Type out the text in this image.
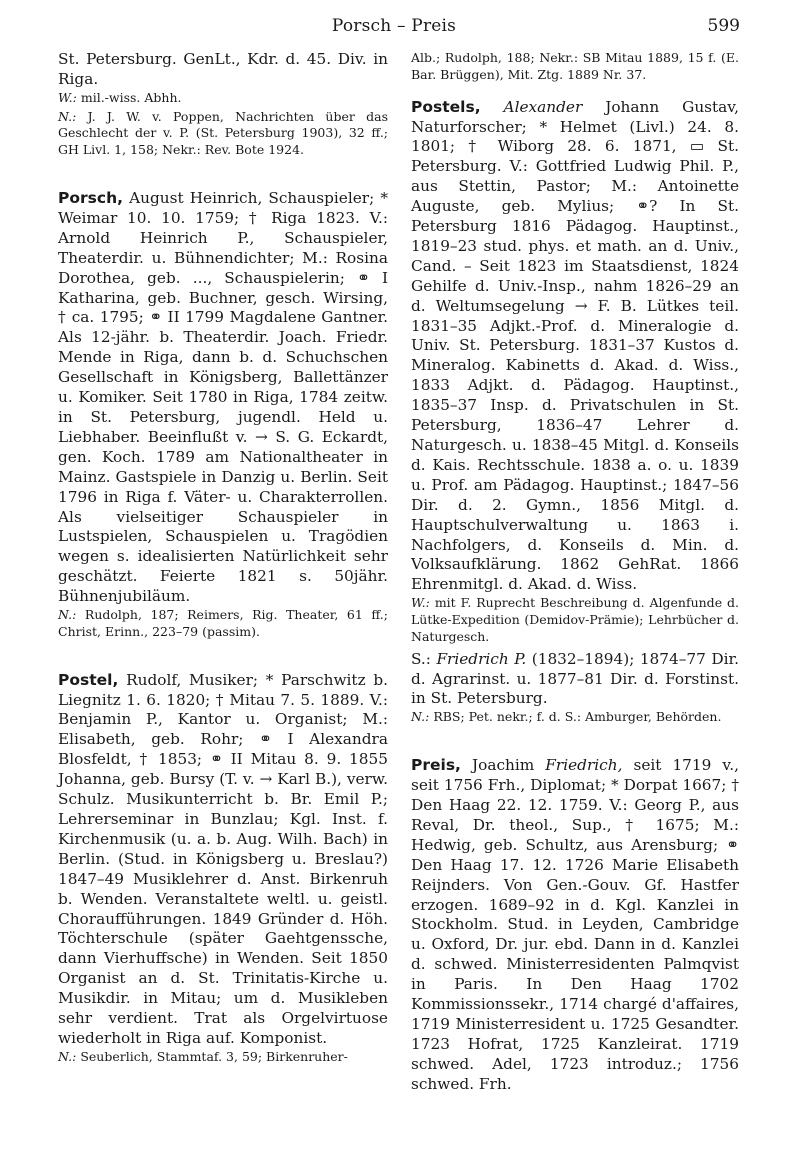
Porsch – Preis	599

St. Petersburg. GenLt., Kdr. d. 45. Div. in Riga.

W.: mil.-wiss. Abhh.

N.: J. J. W. v. Poppen, Nachrichten über das Geschlecht der v. P. (St. Petersburg 1903), 32 ff.; GH Livl. 1, 158; Nekr.: Rev. Bote 1924.

Porsch, August Heinrich, Schauspieler; * Weimar 10. 10. 1759; † Riga 1823. V.: Arnold Heinrich P., Schauspieler, Theaterdir. u. Bühnendichter; M.: Rosina Dorothea, geb. ..., Schauspielerin; ⚭ I Katharina, geb. Buchner, gesch. Wirsing, † ca. 1795; ⚭ II 1799 Magdalene Gantner. Als 12-jähr. b. Theaterdir. Joach. Friedr. Mende in Riga, dann b. d. Schuchschen Gesellschaft in Königsberg, Ballettänzer u. Komiker. Seit 1780 in Riga, 1784 zeitw. in St. Petersburg, jugendl. Held u. Liebhaber. Beeinflußt v. → S. G. Eckardt, gen. Koch. 1789 am Nationaltheater in Mainz. Gastspiele in Danzig u. Berlin. Seit 1796 in Riga f. Väter- u. Charakterrollen. Als vielseitiger Schauspieler in Lustspielen, Schauspielen u. Tragödien wegen s. idealisierten Natürlichkeit sehr geschätzt. Feierte 1821 s. 50jähr. Bühnenjubiläum.

N.: Rudolph, 187; Reimers, Rig. Theater, 61 ff.; Christ, Erinn., 223–79 (passim).

Postel, Rudolf, Musiker; * Parschwitz b. Liegnitz 1. 6. 1820; † Mitau 7. 5. 1889. V.: Benjamin P., Kantor u. Organist; M.: Elisabeth, geb. Rohr; ⚭ I Alexandra Blosfeldt, † 1853; ⚭ II Mitau 8. 9. 1855 Johanna, geb. Bursy (T. v. → Karl B.), verw. Schulz. Musikunterricht b. Br. Emil P.; Lehrerseminar in Bunzlau; Kgl. Inst. f. Kirchenmusik (u. a. b. Aug. Wilh. Bach) in Berlin. (Stud. in Königsberg u. Breslau?) 1847–49 Musiklehrer d. Anst. Birkenruh b. Wenden. Veranstaltete weltl. u. geistl. Choraufführungen. 1849 Gründer d. Höh. Töchterschule (später Gaehtgenssche, dann Vierhuffsche) in Wenden. Seit 1850 Organist an d. St. Trinitatis-Kirche u. Musikdir. in Mitau; um d. Musikleben sehr verdient. Trat als Orgelvirtuose wiederholt in Riga auf. Komponist.

N.: Seuberlich, Stammtaf. 3, 59; Birkenruher-

Alb.; Rudolph, 188; Nekr.: SB Mitau 1889, 15 f. (E. Bar. Brüggen), Mit. Ztg. 1889 Nr. 37.

Postels, Alexander Johann Gustav, Naturforscher; * Helmet (Livl.) 24. 8. 1801; † Wiborg 28. 6. 1871, ▭ St. Petersburg. V.: Gottfried Ludwig Phil. P., aus Stettin, Pastor; M.: Antoinette Auguste, geb. Mylius; ⚭? In St. Petersburg 1816 Pädagog. Hauptinst., 1819–23 stud. phys. et math. an d. Univ., Cand. – Seit 1823 im Staatsdienst, 1824 Gehilfe d. Univ.-Insp., nahm 1826–29 an d. Weltumsegelung → F. B. Lütkes teil. 1831–35 Adjkt.-Prof. d. Mineralogie d. Univ. St. Petersburg. 1831–37 Kustos d. Mineralog. Kabinetts d. Akad. d. Wiss., 1833 Adjkt. d. Pädagog. Hauptinst., 1835–37 Insp. d. Privatschulen in St. Petersburg, 1836–47 Lehrer d. Naturgesch. u. 1838–45 Mitgl. d. Konseils d. Kais. Rechtsschule. 1838 a. o. u. 1839 u. Prof. am Pädagog. Hauptinst.; 1847–56 Dir. d. 2. Gymn., 1856 Mitgl. d. Hauptschulverwaltung u. 1863 i. Nachfolgers, d. Konseils d. Min. d. Volksaufklärung. 1862 GehRat. 1866 Ehrenmitgl. d. Akad. d. Wiss.

W.: mit F. Ruprecht Beschreibung d. Algenfunde d. Lütke-Expedition (Demidov-Prämie); Lehrbücher d. Naturgesch.

S.: Friedrich P. (1832–1894); 1874–77 Dir. d. Agrarinst. u. 1877–81 Dir. d. Forstinst. in St. Petersburg.

N.: RBS; Pet. nekr.; f. d. S.: Amburger, Behörden.

Preis, Joachim Friedrich, seit 1719 v., seit 1756 Frh., Diplomat; * Dorpat 1667; † Den Haag 22. 12. 1759. V.: Georg P., aus Reval, Dr. theol., Sup., † 1675; M.: Hedwig, geb. Schultz, aus Arensburg; ⚭ Den Haag 17. 12. 1726 Marie Elisabeth Reijnders. Von Gen.-Gouv. Gf. Hastfer erzogen. 1689–92 in d. Kgl. Kanzlei in Stockholm. Stud. in Leyden, Cambridge u. Oxford, Dr. jur. ebd. Dann in d. Kanzlei d. schwed. Ministerresidenten Palmqvist in Paris. In Den Haag 1702 Kommissionssekr., 1714 chargé d'affaires, 1719 Ministerresident u. 1725 Gesandter. 1723 Hofrat, 1725 Kanzleirat. 1719 schwed. Adel, 1723 introduz.; 1756 schwed. Frh.
